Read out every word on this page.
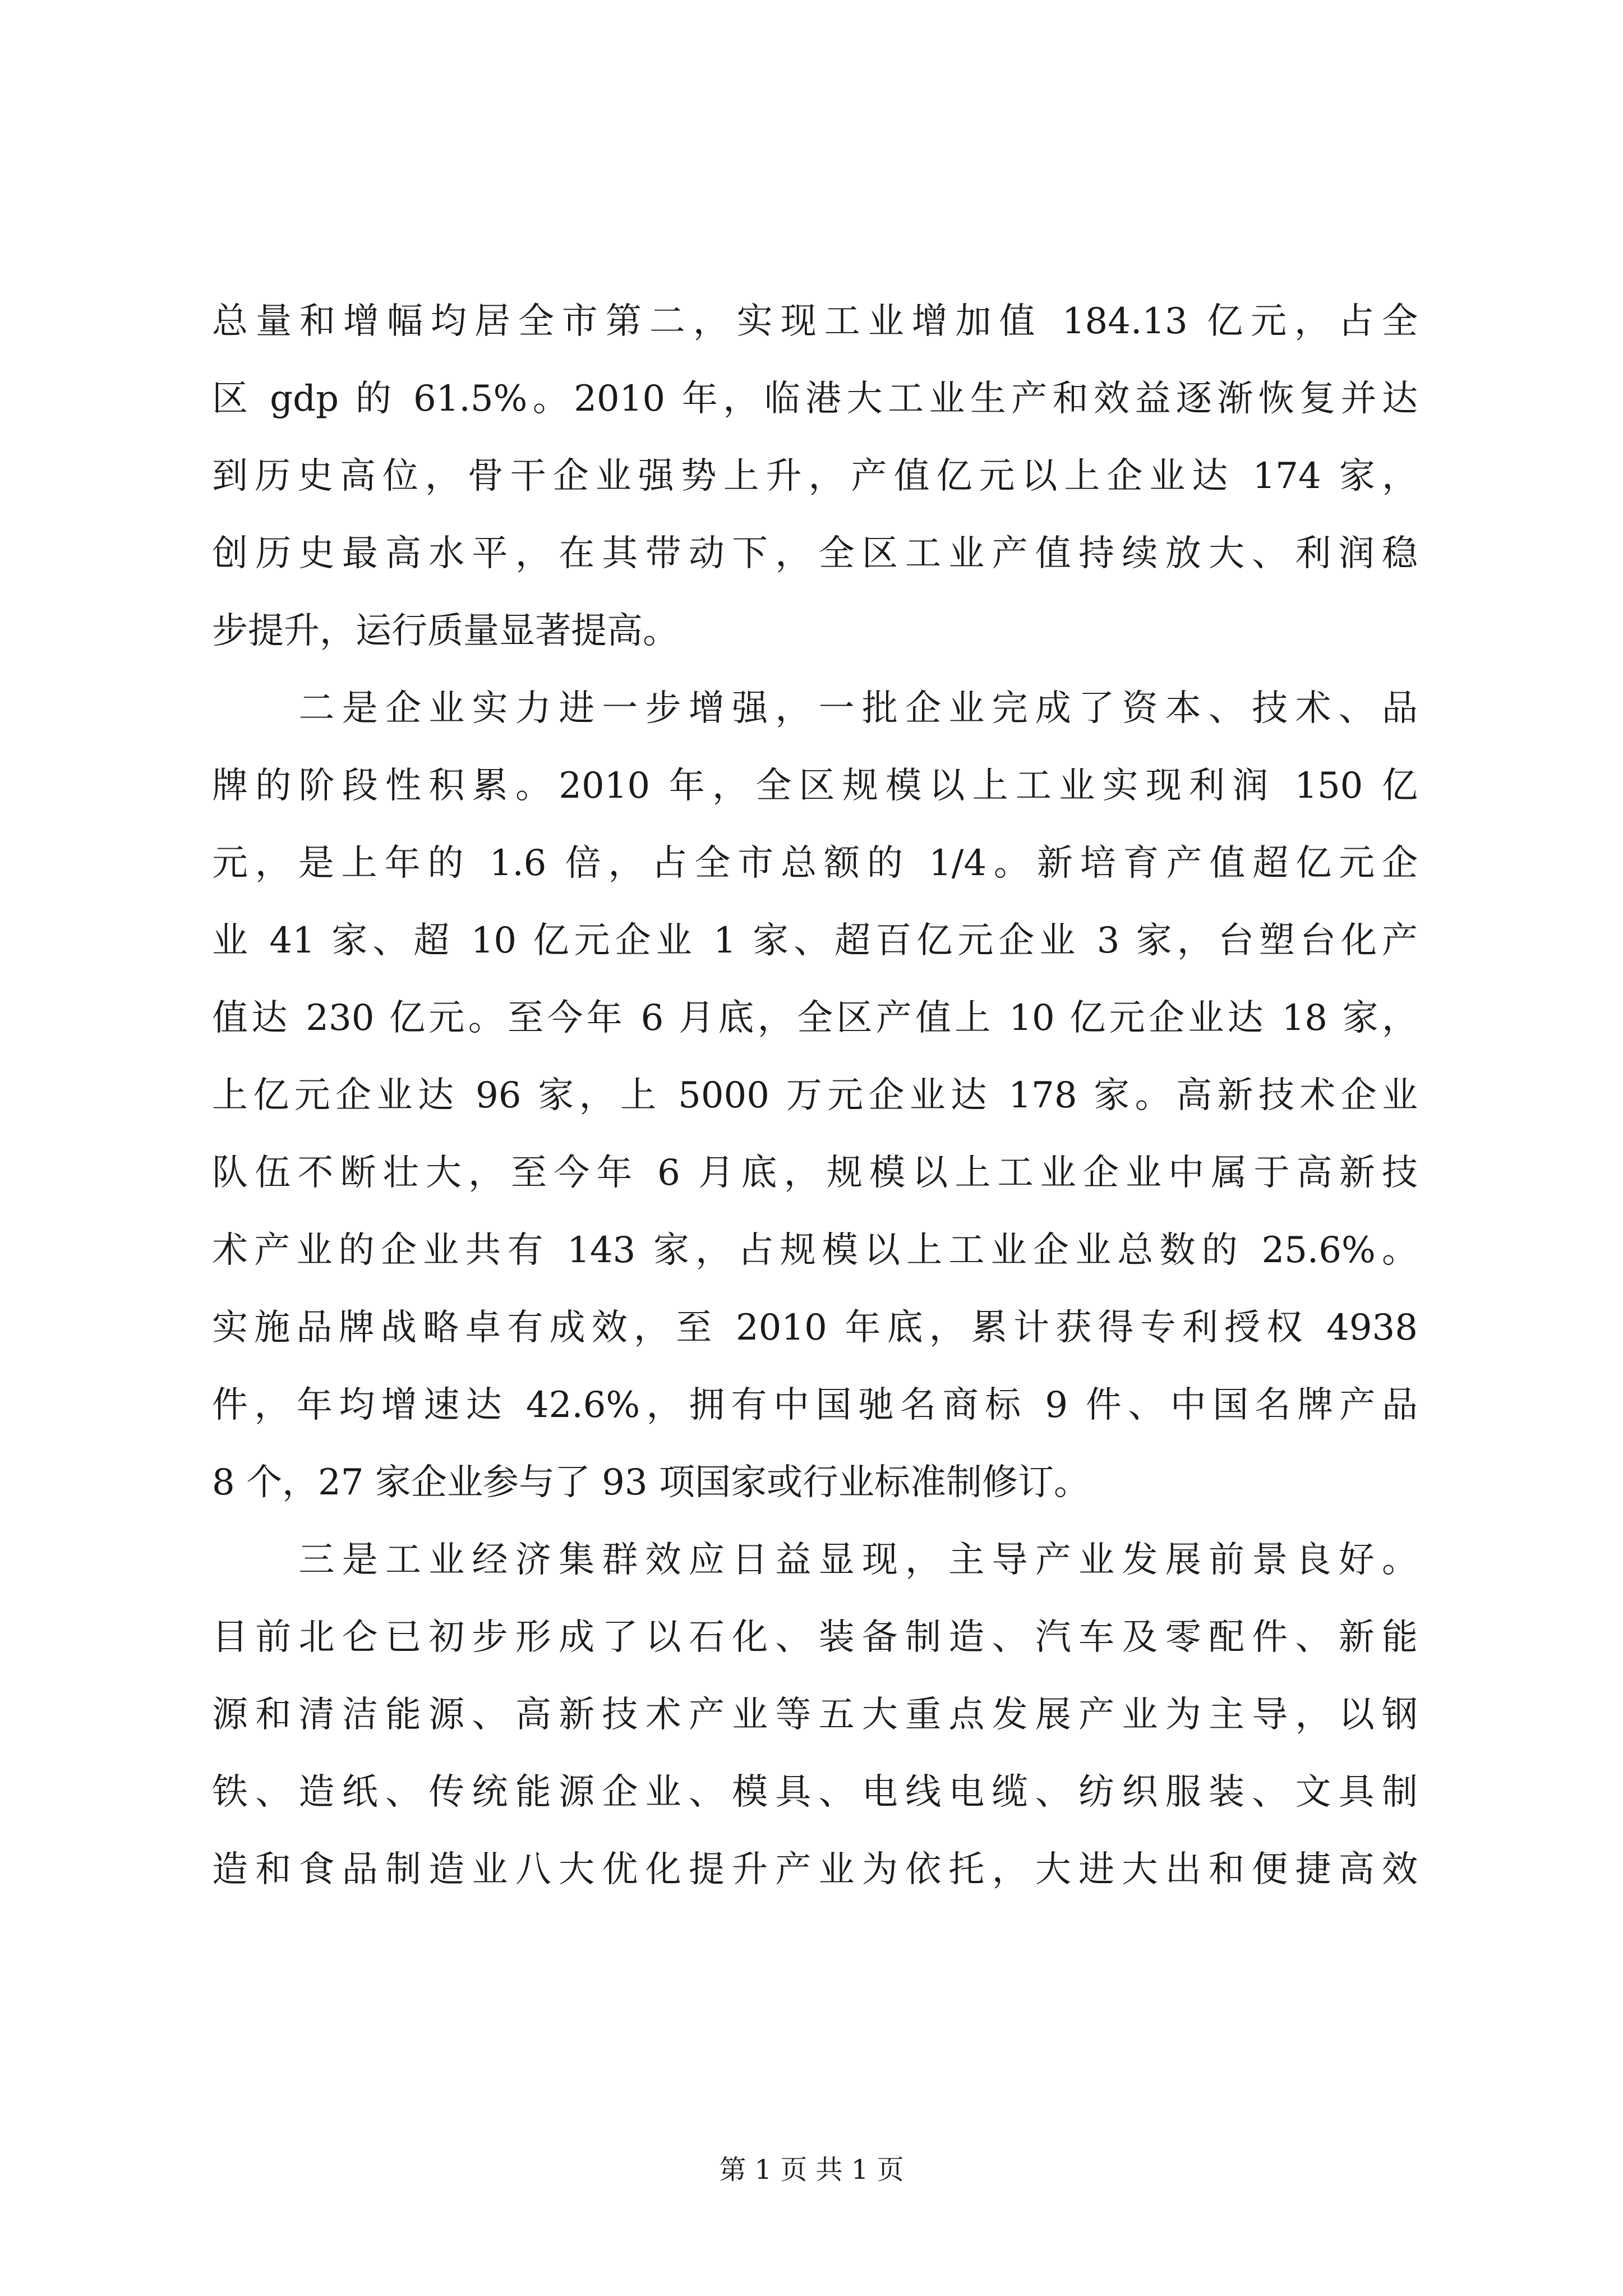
总量和增幅均居全市第二，实现工业增加值 184.13 亿元，占全
区 gdp 的 61.5%。2010 年，临港大工业生产和效益逐渐恢复并达
到历史高位，骨干企业强势上升，产值亿元以上企业达 174 家，
创历史最高水平，在其带动下，全区工业产值持续放大、利润稳
步提升，运行质量显著提高。
　　二是企业实力进一步增强，一批企业完成了资本、技术、品
牌的阶段性积累。2010 年，全区规模以上工业实现利润 150 亿
元，是上年的 1.6 倍，占全市总额的 1/4。新培育产值超亿元企
业 41 家、超 10 亿元企业 1 家、超百亿元企业 3 家，台塑台化产
值达 230 亿元。至今年 6 月底，全区产值上 10 亿元企业达 18 家，
上亿元企业达 96 家，上 5000 万元企业达 178 家。高新技术企业
队伍不断壮大，至今年 6 月底，规模以上工业企业中属于高新技
术产业的企业共有 143 家，占规模以上工业企业总数的 25.6%。
实施品牌战略卓有成效，至 2010 年底，累计获得专利授权 4938
件，年均增速达 42.6%，拥有中国驰名商标 9 件、中国名牌产品
8 个，27 家企业参与了 93 项国家或行业标准制修订。
　　三是工业经济集群效应日益显现，主导产业发展前景良好。
目前北仑已初步形成了以石化、装备制造、汽车及零配件、新能
源和清洁能源、高新技术产业等五大重点发展产业为主导，以钢
铁、造纸、传统能源企业、模具、电线电缆、纺织服装、文具制
造和食品制造业八大优化提升产业为依托，大进大出和便捷高效
第 1 页 共 1 页
